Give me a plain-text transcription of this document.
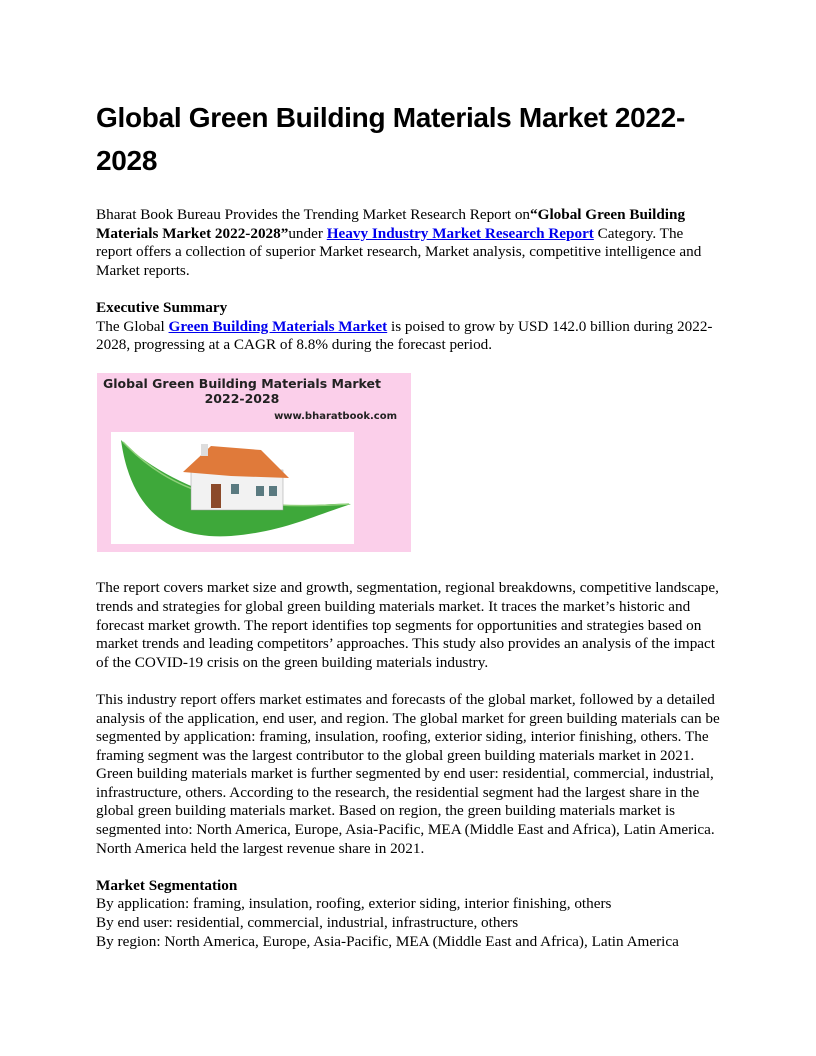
Global Green Building Materials Market 2022-2028

Bharat Book Bureau Provides the Trending Market Research Report on“Global Green Building Materials Market 2022-2028”under Heavy Industry Market Research Report Category. The report offers a collection of superior Market research, Market analysis, competitive intelligence and Market reports.

Executive Summary
The Global Green Building Materials Market is poised to grow by USD 142.0 billion during 2022-2028, progressing at a CAGR of 8.8% during the forecast period.

Global Green Building Materials Market 2022-2028
www.bharatbook.com

The report covers market size and growth, segmentation, regional breakdowns, competitive landscape, trends and strategies for global green building materials market. It traces the market’s historic and forecast market growth. The report identifies top segments for opportunities and strategies based on market trends and leading competitors’ approaches. This study also provides an analysis of the impact of the COVID-19 crisis on the green building materials industry.

This industry report offers market estimates and forecasts of the global market, followed by a detailed analysis of the application, end user, and region. The global market for green building materials can be segmented by application: framing, insulation, roofing, exterior siding, interior finishing, others. The framing segment was the largest contributor to the global green building materials market in 2021. Green building materials market is further segmented by end user: residential, commercial, industrial, infrastructure, others. According to the research, the residential segment had the largest share in the global green building materials market. Based on region, the green building materials market is segmented into: North America, Europe, Asia-Pacific, MEA (Middle East and Africa), Latin America. North America held the largest revenue share in 2021.

Market Segmentation

By application: framing, insulation, roofing, exterior siding, interior finishing, others

By end user: residential, commercial, industrial, infrastructure, others

By region: North America, Europe, Asia-Pacific, MEA (Middle East and Africa), Latin America
